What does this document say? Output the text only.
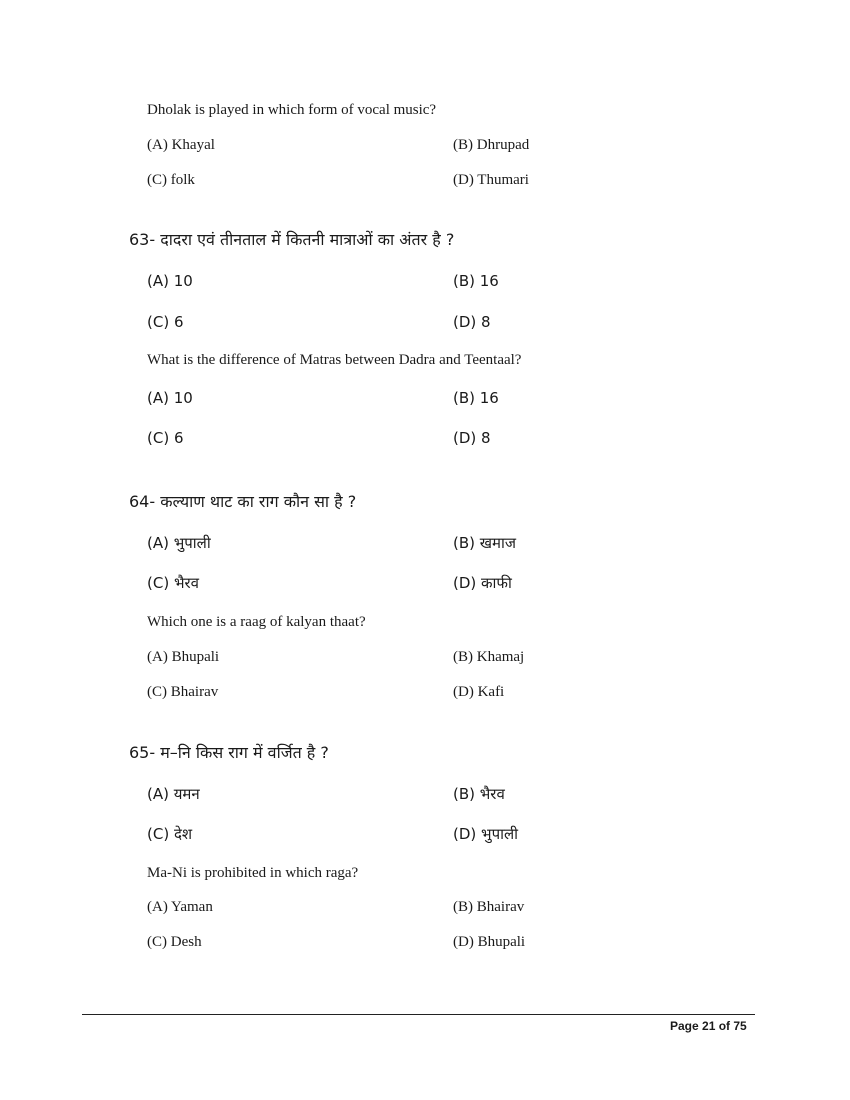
Dholak is played in which form of vocal music?
(A) Khayal	(B) Dhrupad
(C) folk	(D) Thumari
63- दादरा एवं तीनताल में कितनी मात्राओं का अंतर है ?
(A) 10	(B) 16
(C) 6	(D) 8
What is the difference of Matras between Dadra and Teentaal?
(A) 10	(B) 16
(C) 6	(D) 8
64- कल्याण थाट का राग कौन सा है ?
(A) भुपाली	(B) खमाज
(C) भैरव	(D) काफी
Which one is a raag of kalyan thaat?
(A) Bhupali	(B) Khamaj
(C) Bhairav	(D) Kafi
65- म–नि किस राग में वर्जित है ?
(A) यमन	(B) भैरव
(C) देश	(D) भुपाली
Ma-Ni is prohibited in which raga?
(A) Yaman	(B) Bhairav
(C) Desh	(D) Bhupali
Page 21 of 75
